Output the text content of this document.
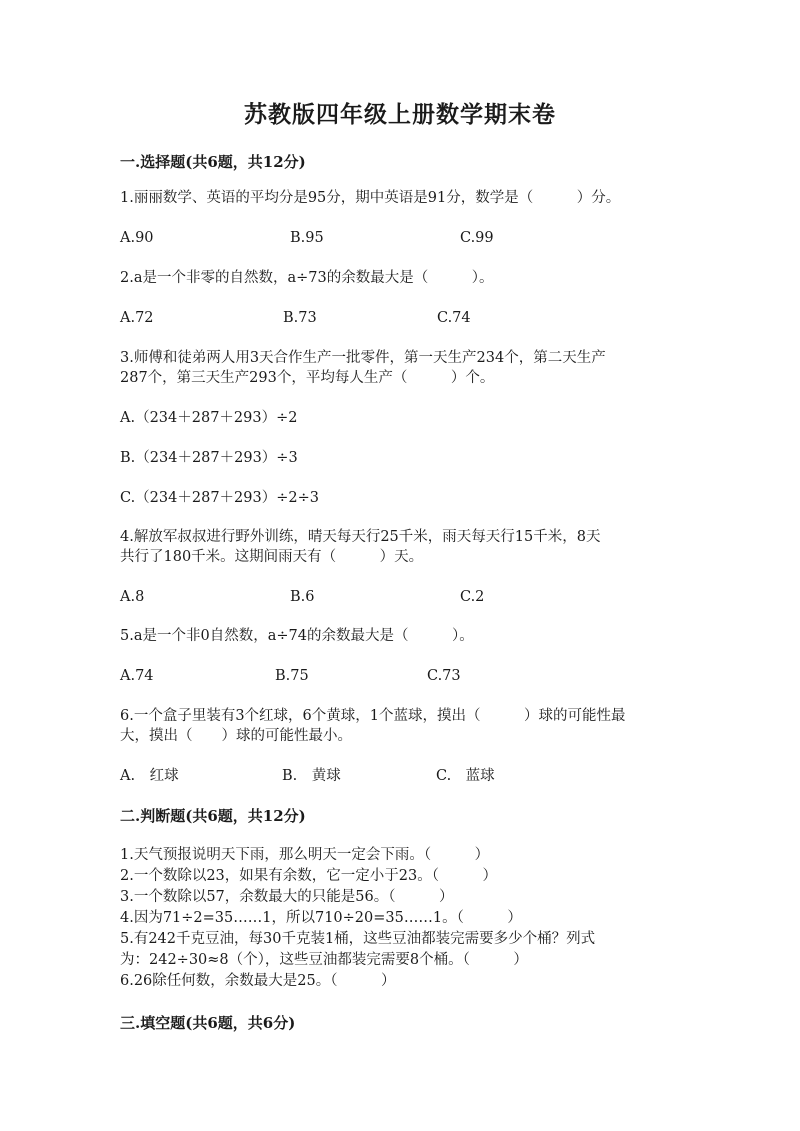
苏教版四年级上册数学期末卷
一.选择题(共6题，共12分)
1.丽丽数学、英语的平均分是95分，期中英语是91分，数学是（　　　）分。
A.90	B.95	C.99
2.a是一个非零的自然数，a÷73的余数最大是（　　　）。
A.72	B.73	C.74
3.师傅和徒弟两人用3天合作生产一批零件，第一天生产234个，第二天生产
287个，第三天生产293个，平均每人生产（　　　）个。
A.（234＋287＋293）÷2
B.（234＋287＋293）÷3
C.（234＋287＋293）÷2÷3
4.解放军叔叔进行野外训练，晴天每天行25千米，雨天每天行15千米，8天
共行了180千米。这期间雨天有（　　　）天。
A.8	B.6	C.2
5.a是一个非0自然数，a÷74的余数最大是（　　　）。
A.74	B.75	C.73
6.一个盒子里装有3个红球，6个黄球，1个蓝球，摸出（　　　）球的可能性最
大，摸出（　　）球的可能性最小。
A.　红球	B.　黄球	C.　蓝球
二.判断题(共6题，共12分)
1.天气预报说明天下雨，那么明天一定会下雨。（　　　）
2.一个数除以23，如果有余数，它一定小于23。（　　　）
3.一个数除以57，余数最大的只能是56。（　　　）
4.因为71÷2=35……1，所以710÷20=35……1。（　　　）
5.有242千克豆油，每30千克装1桶，这些豆油都装完需要多少个桶？列式
为：242÷30≈8（个），这些豆油都装完需要8个桶。（　　　）
6.26除任何数，余数最大是25。（　　　）
三.填空题(共6题，共6分)
